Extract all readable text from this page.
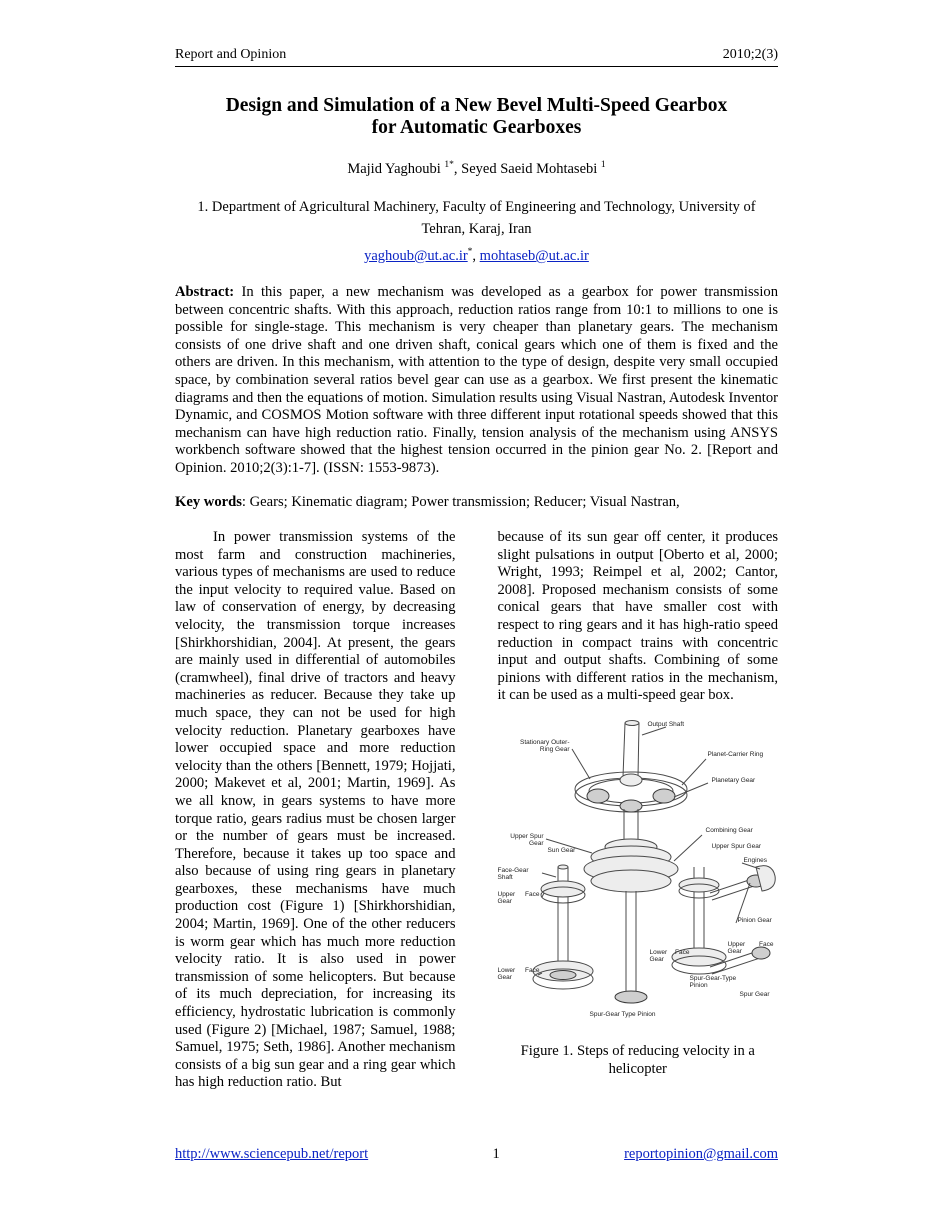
Report and Opinion	2010;2(3)
Design and Simulation of a New Bevel Multi-Speed Gearbox
for Automatic Gearboxes
Majid Yaghoubi $^{1*}$, Seyed Saeid Mohtasebi $^1$
1. Department of Agricultural Machinery, Faculty of Engineering and Technology, University of Tehran, Karaj, Iran
yaghoub@ut.ac.ir*, mohtaseb@ut.ac.ir
Abstract: In this paper, a new mechanism was developed as a gearbox for power transmission between concentric shafts. With this approach, reduction ratios range from 10:1 to millions to one is possible for single-stage. This mechanism is very cheaper than planetary gears. The mechanism consists of one drive shaft and one driven shaft, conical gears which one of them is fixed and the others are driven. In this mechanism, with attention to the type of design, despite very small occupied space, by combination several ratios bevel gear can use as a gearbox. We first present the kinematic diagrams and then the equations of motion. Simulation results using Visual Nastran, Autodesk Inventor Dynamic, and COSMOS Motion software with three different input rotational speeds showed that this mechanism can have high reduction ratio. Finally, tension analysis of the mechanism using ANSYS workbench software showed that the highest tension occurred in the pinion gear No. 2. [Report and Opinion. 2010;2(3):1-7]. (ISSN: 1553-9873).
Key words: Gears; Kinematic diagram; Power transmission; Reducer; Visual Nastran,

In power transmission systems of the most farm and construction machineries, various types of mechanisms are used to reduce the input velocity to required value. Based on law of conservation of energy, by decreasing velocity, the transmission torque increases [Shirkhorshidian, 2004]. At present, the gears are mainly used in differential of automobiles (cramwheel), final drive of tractors and heavy machineries as reducer. Because they take up much space, they can not be used for high velocity reduction. Planetary gearboxes have lower occupied space and more reduction velocity than the others [Bennett, 1979; Hojjati, 2000; Makevet et al, 2001; Martin, 1969]. As we all know, in gears systems to have more torque ratio, gears radius must be chosen larger or the number of gears must be increased. Therefore, because it takes up too space and also because of using ring gears in planetary gearboxes, these mechanisms have much production cost (Figure 1) [Shirkhorshidian, 2004; Martin, 1969]. One of the other reducers is worm gear which has much more reduction velocity ratio. It is also used in power transmission of some helicopters. But because of its much depreciation, for increasing its efficiency, hydrostatic lubrication is commonly used (Figure 2) [Michael, 1987; Samuel, 1988; Samuel, 1975; Seth, 1986]. Another mechanism consists of a big sun gear and a ring gear which has high reduction ratio. But

because of its sun gear off center, it produces slight pulsations in output [Oberto et al, 2000; Wright, 1993; Reimpel et al, 2002; Cantor, 2008]. Proposed mechanism consists of some conical gears that have smaller cost with respect to ring gears and it has high-ratio speed reduction in compact trains with concentric input and output shafts. Combining of some pinions with different ratios in the mechanism, it can be used as a multi-speed gear box.

Stationary Outer-Ring Gear
Output Shaft
Planet-Carrier Ring
Planetary Gear
Upper Spur Gear
Sun Gear
Combining Gear
Upper Spur Gear
Face-Gear Shaft
Engines
Upper Face Gear
Pinion Gear
Upper Face Gear
Spur-Gear-Type Pinion
Spur Gear
Lower Face Gear
Lower Face Gear
Spur-Gear Type Pinion
Figure 1. Steps of reducing velocity in a helicopter
http://www.sciencepub.net/report	1	reportopinion@gmail.com
